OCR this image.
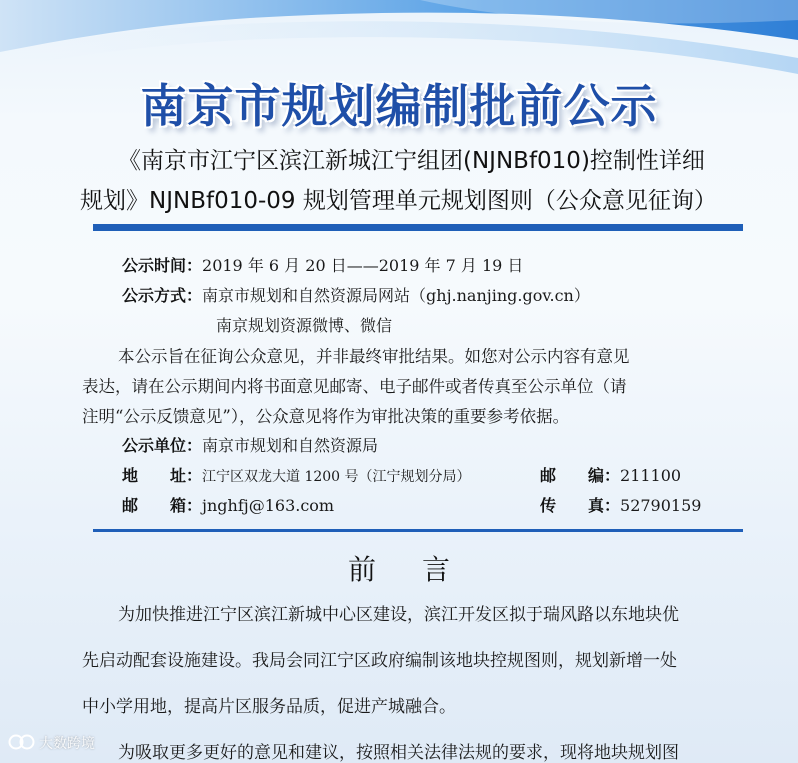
南京市规划编制批前公示
《南京市江宁区滨江新城江宁组团(NJNBf010)控制性详细
规划》NJNBf010-09 规划管理单元规划图则（公众意见征询）
公示时间：2019 年 6 月 20 日——2019 年 7 月 19 日
公示方式：南京市规划和自然资源局网站（ghj.nanjing.gov.cn）
南京规划资源微博、微信
本公示旨在征询公众意见，并非最终审批结果。如您对公示内容有意见
表达，请在公示期间内将书面意见邮寄、电子邮件或者传真至公示单位（请
注明“公示反馈意见”），公众意见将作为审批决策的重要参考依据。
公示单位：南京市规划和自然资源局
地　　址：江宁区双龙大道 1200 号（江宁规划分局）	邮　　编：211100
邮　　箱：jnghfj@163.com	传　　真：52790159
前言
为加快推进江宁区滨江新城中心区建设，滨江开发区拟于瑞风路以东地块优
先启动配套设施建设。我局会同江宁区政府编制该地块控规图则，规划新增一处
中小学用地，提高片区服务品质，促进产城融合。
为吸取更多更好的意见和建议，按照相关法律法规的要求，现将地块规划图
大数跨境
